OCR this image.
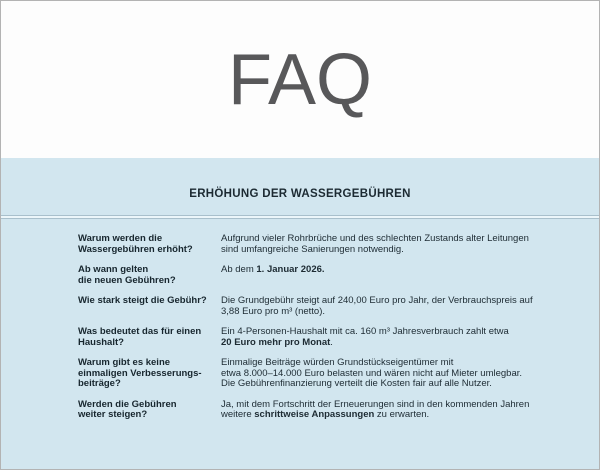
FAQ
ERHÖHUNG DER WASSERGEBÜHREN
Warum werden die
Wassergebühren erhöht?
Aufgrund vieler Rohrbrüche und des schlechten Zustands alter Leitungen
sind umfangreiche Sanierungen notwendig.
Ab wann gelten
die neuen Gebühren?
Ab dem 1. Januar 2026.
Wie stark steigt die Gebühr?	Die Grundgebühr steigt auf 240,00 Euro pro Jahr, der Verbrauchspreis auf
3,88 Euro pro m³ (netto).
Was bedeutet das für einen
Haushalt?
Ein 4-Personen-Haushalt mit ca. 160 m³ Jahresverbrauch zahlt etwa
20 Euro mehr pro Monat.
Warum gibt es keine
einmaligen Verbesserungs-
beiträge?
Einmalige Beiträge würden Grundstückseigentümer mit
etwa 8.000–14.000 Euro belasten und wären nicht auf Mieter umlegbar.
Die Gebührenfinanzierung verteilt die Kosten fair auf alle Nutzer.
Werden die Gebühren
weiter steigen?
Ja, mit dem Fortschritt der Erneuerungen sind in den kommenden Jahren
weitere schrittweise Anpassungen zu erwarten.
